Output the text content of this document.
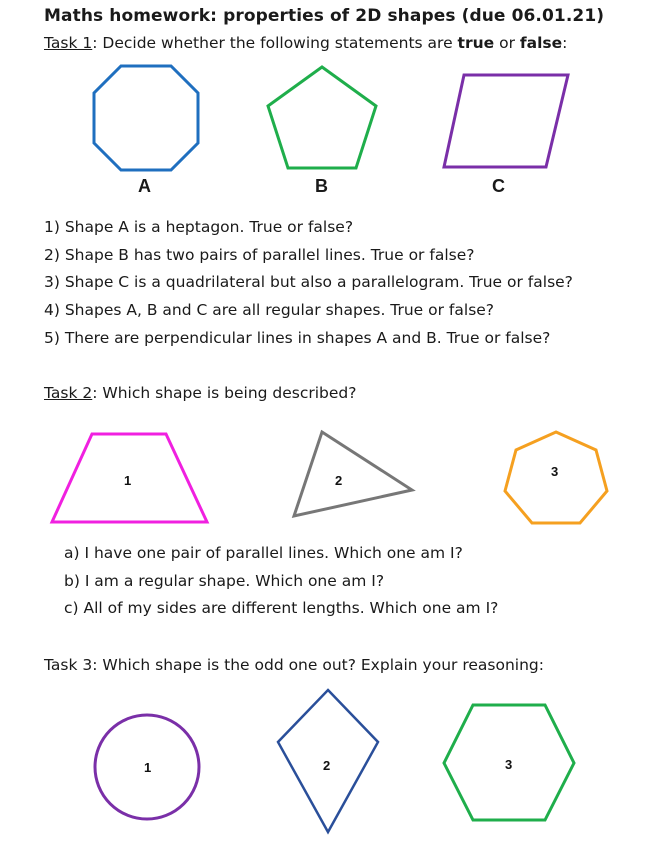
Maths homework: properties of 2D shapes (due 06.01.21)
Task 1: Decide whether the following statements are true or false:
A	B	C
1) Shape A is a heptagon. True or false?
2) Shape B has two pairs of parallel lines. True or false?
3) Shape C is a quadrilateral but also a parallelogram. True or false?
4) Shapes A, B and C are all regular shapes. True or false?
5) There are perpendicular lines in shapes A and B. True or false?
Task 2: Which shape is being described?
1	2
3
a) I have one pair of parallel lines. Which one am I?
b) I am a regular shape. Which one am I?
c) All of my sides are different lengths. Which one am I?
Task 3: Which shape is the odd one out? Explain your reasoning:
1	2	3
